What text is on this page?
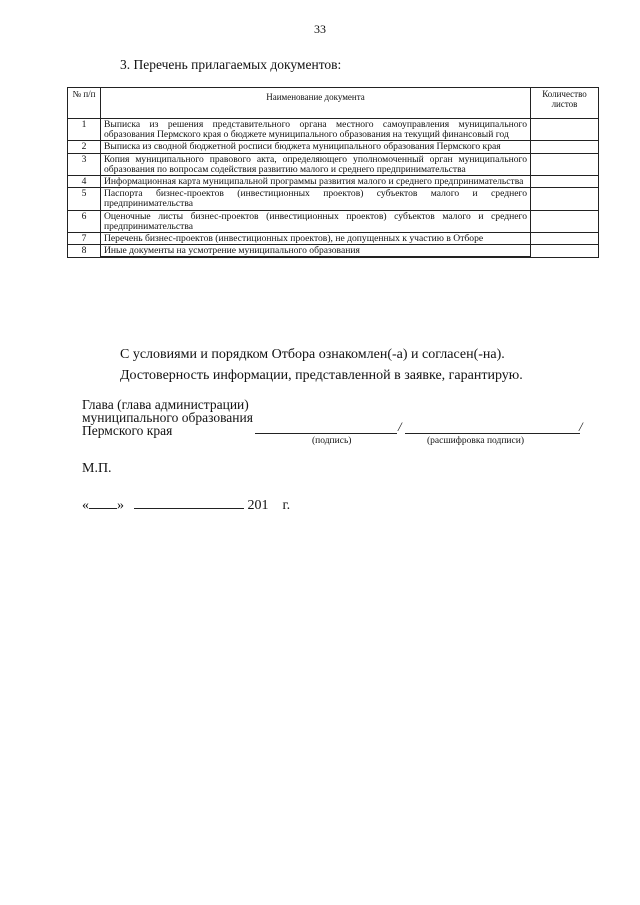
33
3. Перечень прилагаемых документов:
№ п/п	Наименование документа	Количество листов
1	Выписка из решения представительного органа местного самоуправления муниципального образования Пермского края о бюджете муниципального образования на текущий финансовый год	
2	Выписка из сводной бюджетной росписи бюджета муниципального образования Пермского края	
3	Копия муниципального правового акта, определяющего уполномоченный орган муниципального образования по вопросам содействия развитию малого и среднего предпринимательства	
4	Информационная карта муниципальной программы развития малого и среднего предпринимательства	
5	Паспорта бизнес-проектов (инвестиционных проектов) субъектов малого и среднего предпринимательства	
6	Оценочные листы бизнес-проектов (инвестиционных проектов) субъектов малого и среднего предпринимательства	
7	Перечень бизнес-проектов (инвестиционных проектов), не допущенных к участию в Отборе	
8	Иные документы на усмотрение муниципального образования	
С условиями и порядком Отбора ознакомлен(-а) и согласен(-на).
Достоверность информации, представленной в заявке, гарантирую.
Глава (глава администрации)
муниципального образования
Пермского края	/	/
(подпись)	(расшифровка подписи)
М.П.
« »	201 г.
